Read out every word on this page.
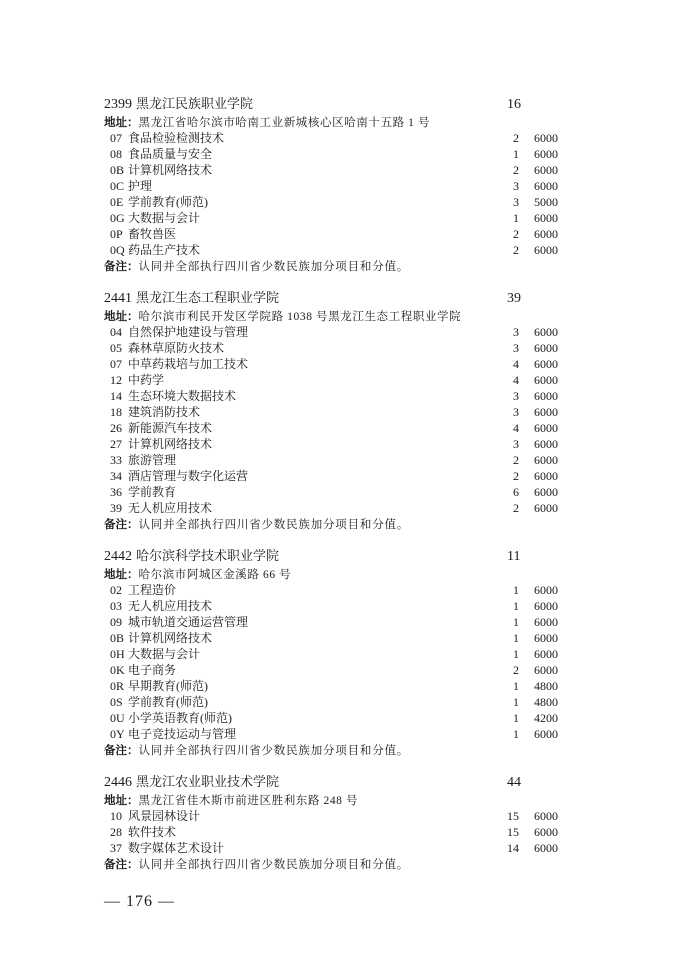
2399 黑龙江民族职业学院	16
地址：黑龙江省哈尔滨市哈南工业新城核心区哈南十五路 1 号
07 食品检验检测技术	2 6000
08 食品质量与安全	1 6000
0B 计算机网络技术	2 6000
0C 护理	3 6000
0E 学前教育(师范)	3 5000
0G 大数据与会计	1 6000
0P 畜牧兽医	2 6000
0Q 药品生产技术	2 6000
备注：认同并全部执行四川省少数民族加分项目和分值。
2441 黑龙江生态工程职业学院	39
地址：哈尔滨市利民开发区学院路 1038 号黑龙江生态工程职业学院
04 自然保护地建设与管理	3 6000
05 森林草原防火技术	3 6000
07 中草药栽培与加工技术	4 6000
12 中药学	4 6000
14 生态环境大数据技术	3 6000
18 建筑消防技术	3 6000
26 新能源汽车技术	4 6000
27 计算机网络技术	3 6000
33 旅游管理	2 6000
34 酒店管理与数字化运营	2 6000
36 学前教育	6 6000
39 无人机应用技术	2 6000
备注：认同并全部执行四川省少数民族加分项目和分值。
2442 哈尔滨科学技术职业学院	11
地址：哈尔滨市阿城区金溪路 66 号
02 工程造价	1 6000
03 无人机应用技术	1 6000
09 城市轨道交通运营管理	1 6000
0B 计算机网络技术	1 6000
0H 大数据与会计	1 6000
0K 电子商务	2 6000
0R 早期教育(师范)	1 4800
0S 学前教育(师范)	1 4800
0U 小学英语教育(师范)	1 4200
0Y 电子竞技运动与管理	1 6000
备注：认同并全部执行四川省少数民族加分项目和分值。
2446 黑龙江农业职业技术学院	44
地址：黑龙江省佳木斯市前进区胜利东路 248 号
10 风景园林设计	15 6000
28 软件技术	15 6000
37 数字媒体艺术设计	14 6000
备注：认同并全部执行四川省少数民族加分项目和分值。
— 176 —
